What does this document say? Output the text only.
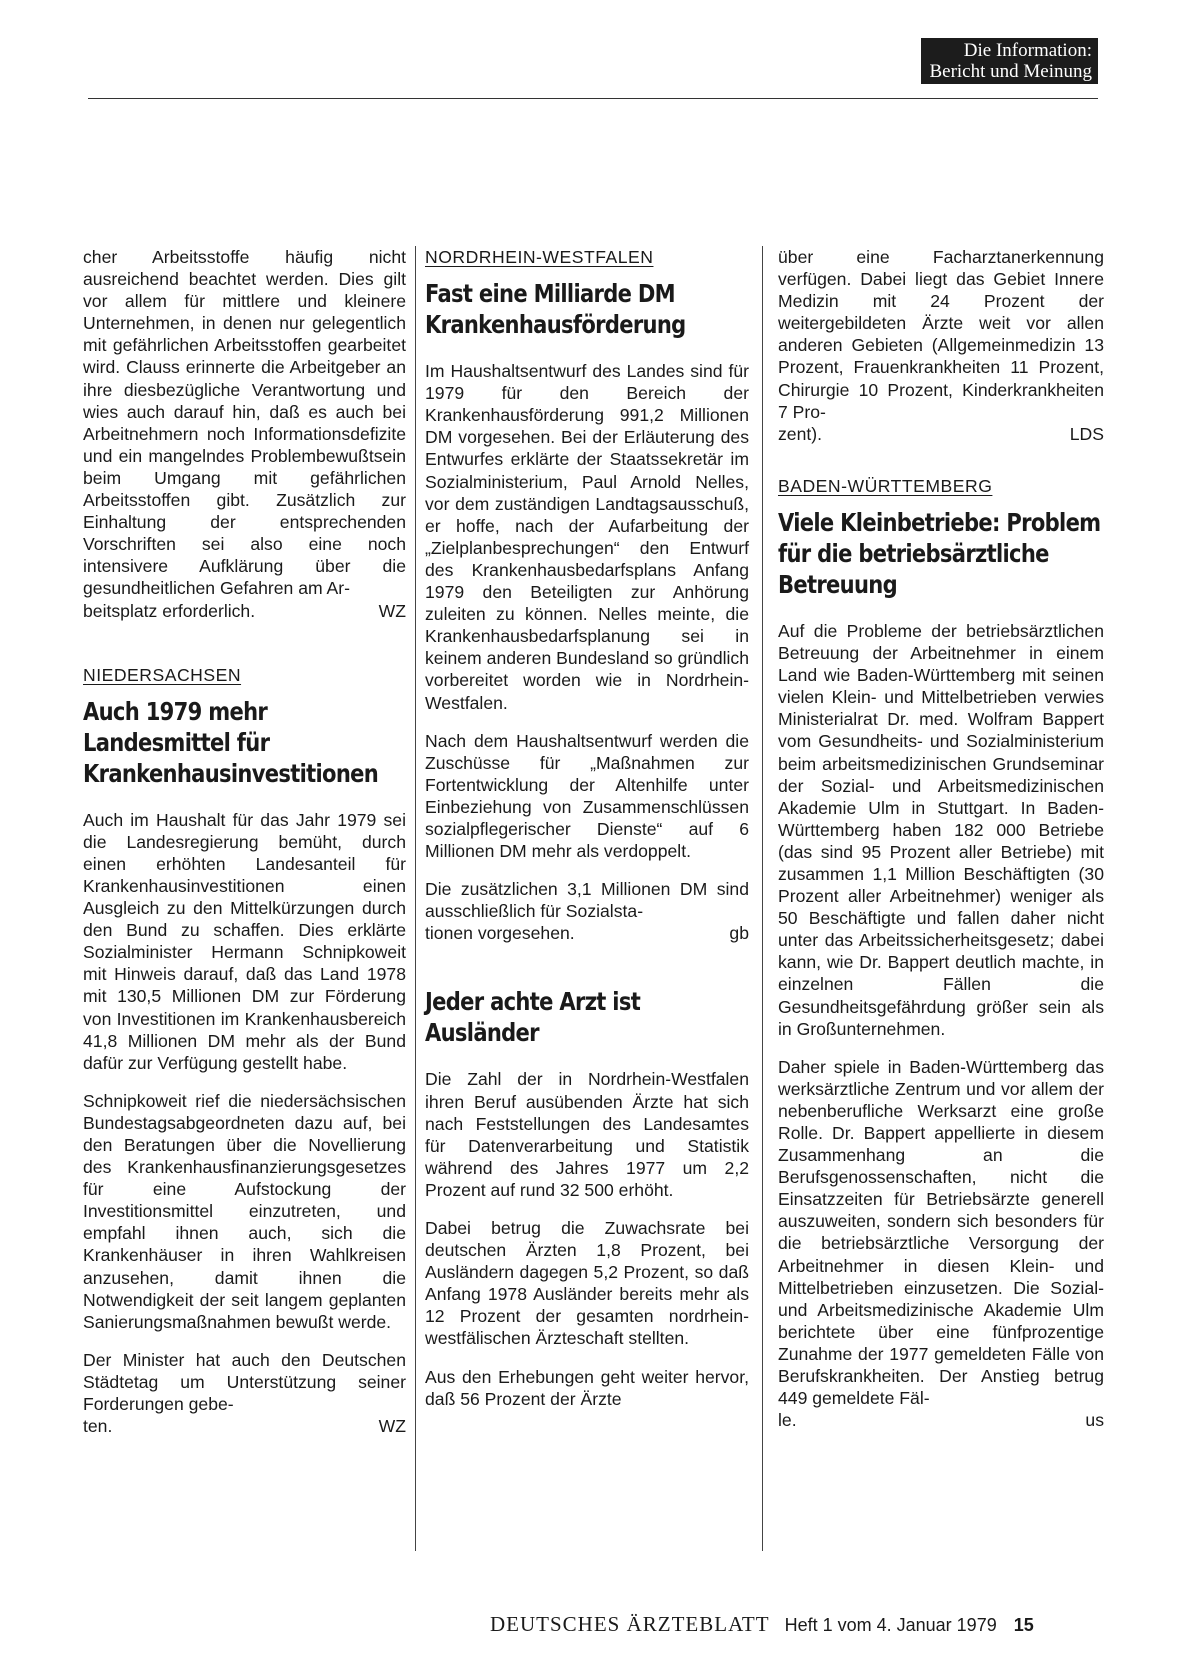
Die Information:
Bericht und Meinung
cher Arbeitsstoffe häufig nicht ausreichend beachtet werden. Dies gilt vor allem für mittlere und kleinere Unternehmen, in denen nur gelegentlich mit gefährlichen Arbeitsstoffen gearbeitet wird. Clauss erinnerte die Arbeitgeber an ihre diesbezügliche Verantwortung und wies auch darauf hin, daß es auch bei Arbeitnehmern noch Informationsdefizite und ein mangelndes Problembewußtsein beim Umgang mit gefährlichen Arbeitsstoffen gibt. Zusätzlich zur Einhaltung der entsprechenden Vorschriften sei also eine noch intensivere Aufklärung über die gesundheitlichen Gefahren am Ar-
beitsplatz erforderlich.	WZ
NIEDERSACHSEN
Auch 1979 mehr Landesmittel für Krankenhausinvestitionen
Auch im Haushalt für das Jahr 1979 sei die Landesregierung bemüht, durch einen erhöhten Landesanteil für Krankenhausinvestitionen einen Ausgleich zu den Mittelkürzungen durch den Bund zu schaffen. Dies erklärte Sozialminister Hermann Schnipkoweit mit Hinweis darauf, daß das Land 1978 mit 130,5 Millionen DM zur Förderung von Investitionen im Krankenhausbereich 41,8 Millionen DM mehr als der Bund dafür zur Verfügung gestellt habe.
Schnipkoweit rief die niedersächsischen Bundestagsabgeordneten dazu auf, bei den Beratungen über die Novellierung des Krankenhausfinanzierungsgesetzes für eine Aufstockung der Investitionsmittel einzutreten, und empfahl ihnen auch, sich die Krankenhäuser in ihren Wahlkreisen anzusehen, damit ihnen die Notwendigkeit der seit langem geplanten Sanierungsmaßnahmen bewußt werde.
Der Minister hat auch den Deutschen Städtetag um Unterstützung seiner Forderungen gebe-
ten.	WZ
NORDRHEIN-WESTFALEN
Fast eine Milliarde DM Krankenhausförderung
Im Haushaltsentwurf des Landes sind für 1979 für den Bereich der Krankenhausförderung 991,2 Millionen DM vorgesehen. Bei der Erläuterung des Entwurfes erklärte der Staatssekretär im Sozialministerium, Paul Arnold Nelles, vor dem zuständigen Landtagsausschuß, er hoffe, nach der Aufarbeitung der „Zielplanbesprechungen“ den Entwurf des Krankenhausbedarfsplans Anfang 1979 den Beteiligten zur Anhörung zuleiten zu können. Nelles meinte, die Krankenhausbedarfsplanung sei in keinem anderen Bundesland so gründlich vorbereitet worden wie in Nordrhein-Westfalen.
Nach dem Haushaltsentwurf werden die Zuschüsse für „Maßnahmen zur Fortentwicklung der Altenhilfe unter Einbeziehung von Zusammenschlüssen sozialpflegerischer Dienste“ auf 6 Millionen DM mehr als verdoppelt.
Die zusätzlichen 3,1 Millionen DM sind ausschließlich für Sozialsta-
tionen vorgesehen.	gb
Jeder achte Arzt ist Ausländer
Die Zahl der in Nordrhein-Westfalen ihren Beruf ausübenden Ärzte hat sich nach Feststellungen des Landesamtes für Datenverarbeitung und Statistik während des Jahres 1977 um 2,2 Prozent auf rund 32 500 erhöht.
Dabei betrug die Zuwachsrate bei deutschen Ärzten 1,8 Prozent, bei Ausländern dagegen 5,2 Prozent, so daß Anfang 1978 Ausländer bereits mehr als 12 Prozent der gesamten nordrhein-westfälischen Ärzteschaft stellten.
Aus den Erhebungen geht weiter hervor, daß 56 Prozent der Ärzte
über eine Facharztanerkennung verfügen. Dabei liegt das Gebiet Innere Medizin mit 24 Prozent der weitergebildeten Ärzte weit vor allen anderen Gebieten (Allgemeinmedizin 13 Prozent, Frauenkrankheiten 11 Prozent, Chirurgie 10 Prozent, Kinderkrankheiten 7 Pro-
zent).	LDS
BADEN-WÜRTTEMBERG
Viele Kleinbetriebe: Problem für die betriebsärztliche Betreuung
Auf die Probleme der betriebsärztlichen Betreuung der Arbeitnehmer in einem Land wie Baden-Württemberg mit seinen vielen Klein- und Mittelbetrieben verwies Ministerialrat Dr. med. Wolfram Bappert vom Gesundheits- und Sozialministerium beim arbeitsmedizinischen Grundseminar der Sozial- und Arbeitsmedizinischen Akademie Ulm in Stuttgart. In Baden-Württemberg haben 182 000 Betriebe (das sind 95 Prozent aller Betriebe) mit zusammen 1,1 Million Beschäftigten (30 Prozent aller Arbeitnehmer) weniger als 50 Beschäftigte und fallen daher nicht unter das Arbeitssicherheitsgesetz; dabei kann, wie Dr. Bappert deutlich machte, in einzelnen Fällen die Gesundheitsgefährdung größer sein als in Großunternehmen.
Daher spiele in Baden-Württemberg das werksärztliche Zentrum und vor allem der nebenberufliche Werksarzt eine große Rolle. Dr. Bappert appellierte in diesem Zusammenhang an die Berufsgenossenschaften, nicht die Einsatzzeiten für Betriebsärzte generell auszuweiten, sondern sich besonders für die betriebsärztliche Versorgung der Arbeitnehmer in diesen Klein- und Mittelbetrieben einzusetzen. Die Sozial- und Arbeitsmedizinische Akademie Ulm berichtete über eine fünfprozentige Zunahme der 1977 gemeldeten Fälle von Berufskrankheiten. Der Anstieg betrug 449 gemeldete Fäl-
le.	us
DEUTSCHES ÄRZTEBLATT Heft 1 vom 4. Januar 1979 15
